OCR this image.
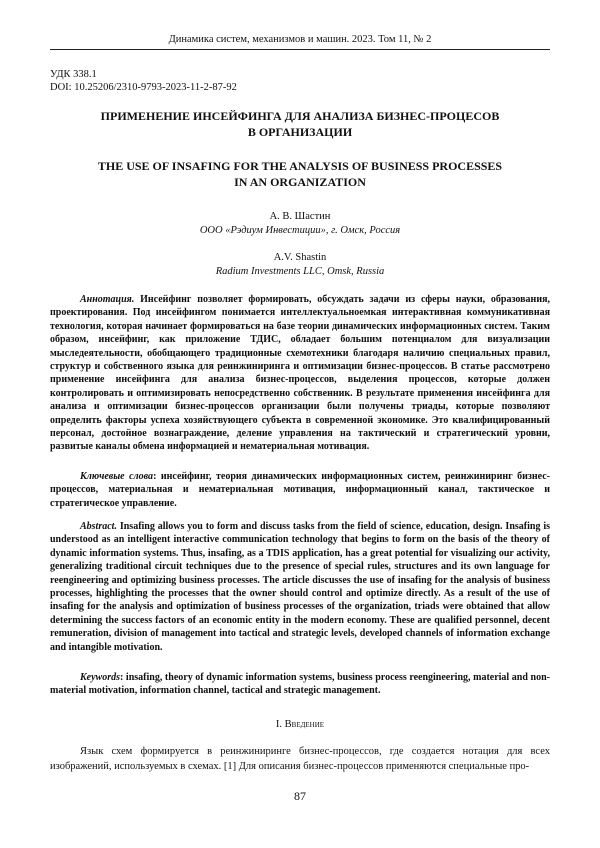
Динамика систем, механизмов и машин. 2023. Том 11, № 2
УДК 338.1
DOI: 10.25206/2310-9793-2023-11-2-87-92
ПРИМЕНЕНИЕ ИНСЕЙФИНГА ДЛЯ АНАЛИЗА БИЗНЕС-ПРОЦЕСОВ
В ОРГАНИЗАЦИИ
THE USE OF INSAFING FOR THE ANALYSIS OF BUSINESS PROCESSES
IN AN ORGANIZATION
А. В. Шастин
ООО «Рэдиум Инвестиции», г. Омск, Россия
A.V. Shastin
Radium Investments LLC, Omsk, Russia

Аннотация. Инсейфинг позволяет формировать, обсуждать задачи из сферы науки, образования, проектирования. Под инсейфингом понимается интеллектуальноемкая интерактивная коммуникативная технология, которая начинает формироваться на базе теории динамических информационных систем. Таким образом, инсейфинг, как приложение ТДИС, обладает большим потенциалом для визуализации мыследеятельности, обобщающего традиционные схемотехники благодаря наличию специальных правил, структур и собственного языка для реинжиниринга и оптимизации бизнес-процессов. В статье рассмотрено применение инсейфинга для анализа бизнес-процессов, выделения процессов, которые должен контролировать и оптимизировать непосредственно собственник. В результате применения инсейфинга для анализа и оптимизации бизнес-процессов организации были получены триады, которые позволяют определить факторы успеха хозяйствующего субъекта в современной экономике. Это квалифицированный персонал, достойное вознаграждение, деление управления на тактический и стратегический уровни, развитые каналы обмена информацией и нематериальная мотивация.

Ключевые слова: инсейфинг, теория динамических информационных систем, реинжиниринг бизнес-процессов, материальная и нематериальная мотивация, информационный канал, тактическое и стратегическое управление.

Abstract. Insafing allows you to form and discuss tasks from the field of science, education, design. Insafing is understood as an intelligent interactive communication technology that begins to form on the basis of the theory of dynamic information systems. Thus, insafing, as a TDIS application, has a great potential for visualizing our activity, generalizing traditional circuit techniques due to the presence of special rules, structures and its own language for reengineering and optimizing business processes. The article discusses the use of insafing for the analysis of business processes, highlighting the processes that the owner should control and optimize directly. As a result of the use of insafing for the analysis and optimization of business processes of the organization, triads were obtained that allow determining the success factors of an economic entity in the modern economy. These are qualified personnel, decent remuneration, division of management into tactical and strategic levels, developed channels of information exchange and intangible motivation.

Keywords: insafing, theory of dynamic information systems, business process reengineering, material and non-material motivation, information channel, tactical and strategic management.

I. Введение
Язык схем формируется в реинжиниринге бизнес-процессов, где создается нотация для всех изображений, используемых в схемах. [1] Для описания бизнес-процессов применяются специальные про-
87
